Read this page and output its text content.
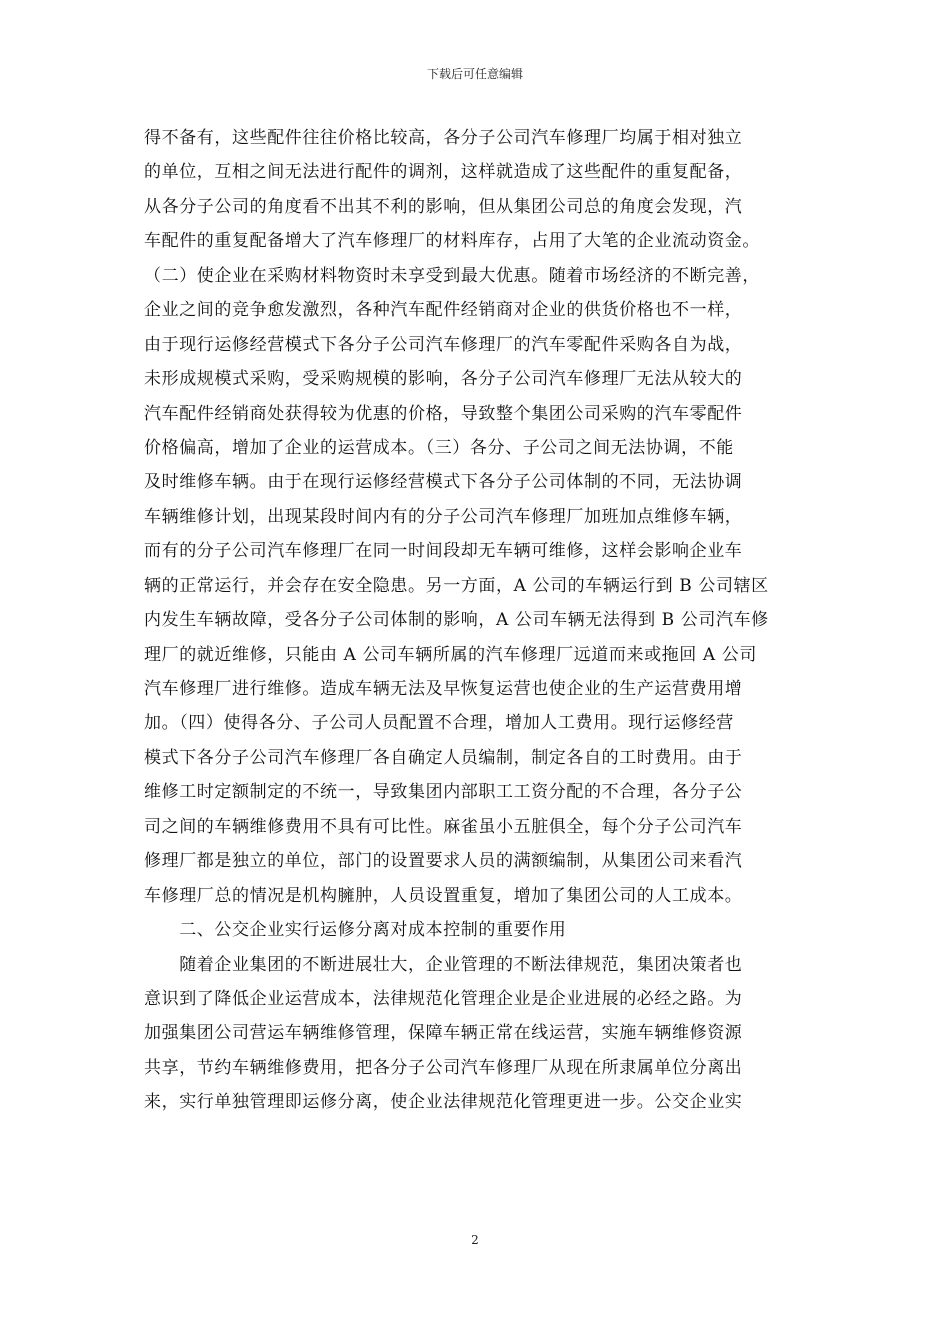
下载后可任意编辑
得不备有，这些配件往往价格比较高，各分子公司汽车修理厂均属于相对独立
的单位，互相之间无法进行配件的调剂，这样就造成了这些配件的重复配备，
从各分子公司的角度看不出其不利的影响，但从集团公司总的角度会发现，汽
车配件的重复配备增大了汽车修理厂的材料库存，占用了大笔的企业流动资金。
（二）使企业在采购材料物资时未享受到最大优惠。随着市场经济的不断完善，
企业之间的竞争愈发激烈，各种汽车配件经销商对企业的供货价格也不一样，
由于现行运修经营模式下各分子公司汽车修理厂的汽车零配件采购各自为战，
未形成规模式采购，受采购规模的影响，各分子公司汽车修理厂无法从较大的
汽车配件经销商处获得较为优惠的价格，导致整个集团公司采购的汽车零配件
价格偏高，增加了企业的运营成本。（三）各分、子公司之间无法协调，不能
及时维修车辆。由于在现行运修经营模式下各分子公司体制的不同，无法协调
车辆维修计划，出现某段时间内有的分子公司汽车修理厂加班加点维修车辆，
而有的分子公司汽车修理厂在同一时间段却无车辆可维修，这样会影响企业车
辆的正常运行，并会存在安全隐患。另一方面，A 公司的车辆运行到 B 公司辖区
内发生车辆故障，受各分子公司体制的影响，A 公司车辆无法得到 B 公司汽车修
理厂的就近维修，只能由 A 公司车辆所属的汽车修理厂远道而来或拖回 A 公司
汽车修理厂进行维修。造成车辆无法及早恢复运营也使企业的生产运营费用增
加。（四）使得各分、子公司人员配置不合理，增加人工费用。现行运修经营
模式下各分子公司汽车修理厂各自确定人员编制，制定各自的工时费用。由于
维修工时定额制定的不统一，导致集团内部职工工资分配的不合理，各分子公
司之间的车辆维修费用不具有可比性。麻雀虽小五脏俱全，每个分子公司汽车
修理厂都是独立的单位，部门的设置要求人员的满额编制，从集团公司来看汽
车修理厂总的情况是机构臃肿，人员设置重复，增加了集团公司的人工成本。
　　二、公交企业实行运修分离对成本控制的重要作用
　　随着企业集团的不断进展壮大，企业管理的不断法律规范，集团决策者也
意识到了降低企业运营成本，法律规范化管理企业是企业进展的必经之路。为
加强集团公司营运车辆维修管理，保障车辆正常在线运营，实施车辆维修资源
共享，节约车辆维修费用，把各分子公司汽车修理厂从现在所隶属单位分离出
来，实行单独管理即运修分离，使企业法律规范化管理更进一步。公交企业实
2
